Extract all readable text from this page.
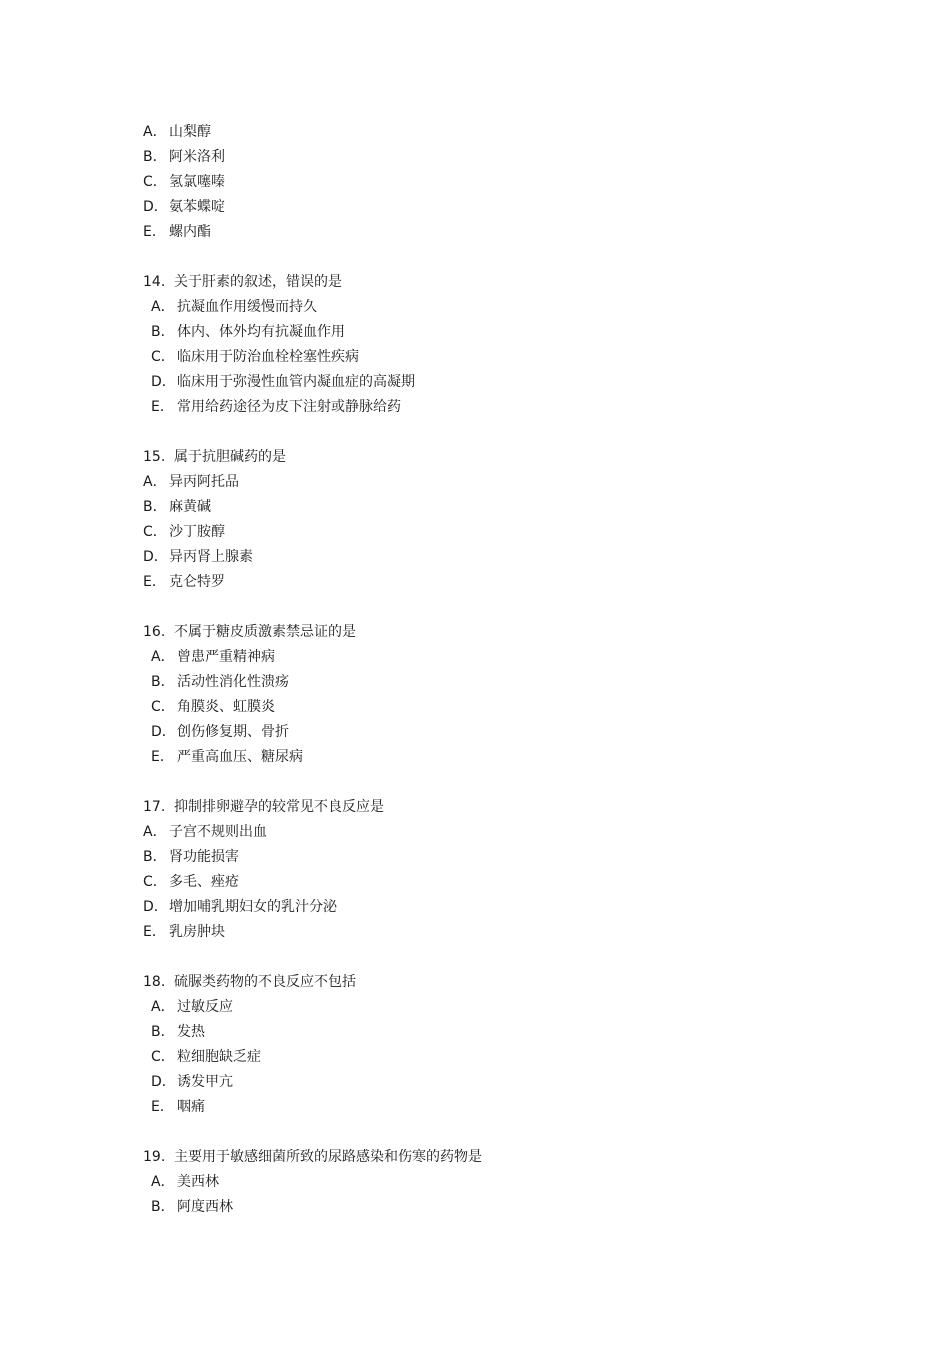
A． 山梨醇
B． 阿米洛利
C． 氢氯噻嗪
D．氨苯蝶啶
E． 螺内酯
14. 关于肝素的叙述，错误的是
A． 抗凝血作用缓慢而持久
B． 体内、体外均有抗凝血作用
C． 临床用于防治血栓栓塞性疾病
D．临床用于弥漫性血管内凝血症的高凝期
E． 常用给药途径为皮下注射或静脉给药
15. 属于抗胆碱药的是
A． 异丙阿托品
B． 麻黄碱
C． 沙丁胺醇
D．异丙肾上腺素
E． 克仑特罗
16. 不属于糖皮质激素禁忌证的是
A． 曾患严重精神病
B． 活动性消化性溃疡
C． 角膜炎、虹膜炎
D．创伤修复期、骨折
E． 严重高血压、糖尿病
17. 抑制排卵避孕的较常见不良反应是
A． 子宫不规则出血
B． 肾功能损害
C． 多毛、痤疮
D．增加哺乳期妇女的乳汁分泌
E． 乳房肿块
18. 硫脲类药物的不良反应不包括
A． 过敏反应
B． 发热
C． 粒细胞缺乏症
D．诱发甲亢
E． 咽痛
19. 主要用于敏感细菌所致的尿路感染和伤寒的药物是
A． 美西林
B． 阿度西林
